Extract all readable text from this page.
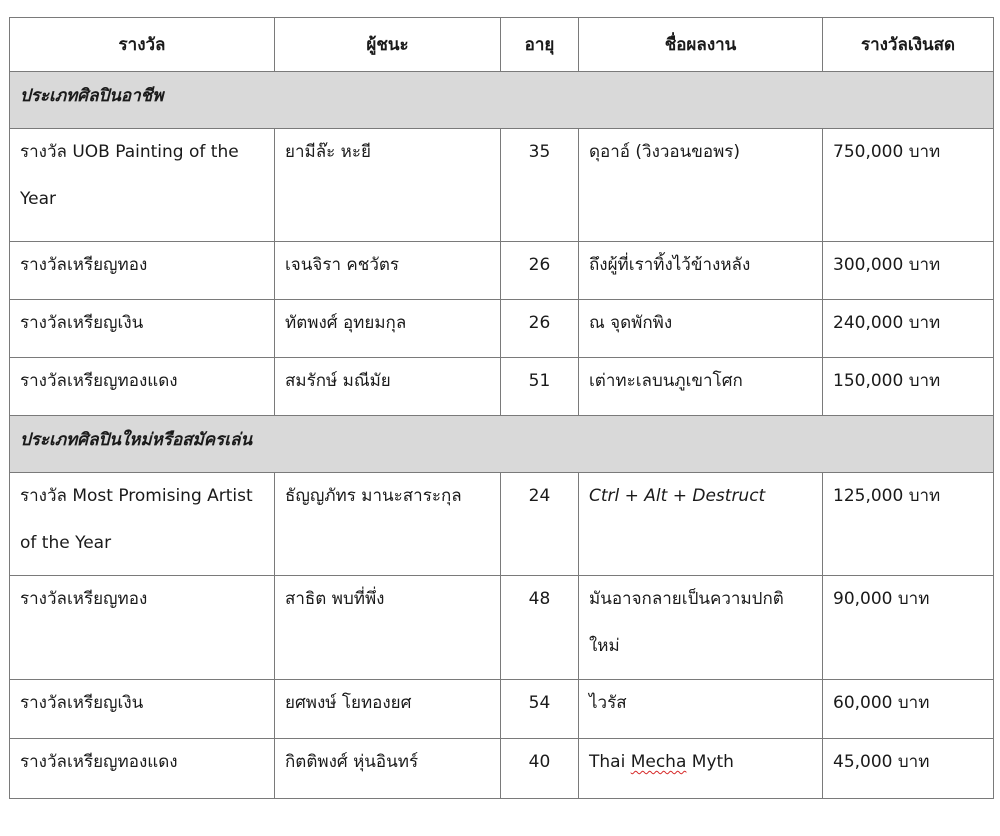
รางวัล	ผู้ชนะ	อายุ	ชื่อผลงาน	รางวัลเงินสด

ประเภทศิลปินอาชีพ				

รางวัล UOB Painting of the Year	ยามีล๊ะ หะยี	35	ดุอาอ์ (วิงวอนขอพร)	750,000 บาท
รางวัลเหรียญทอง	เจนจิรา คชวัตร	26	ถึงผู้ที่เราทิ้งไว้ข้างหลัง	300,000 บาท
รางวัลเหรียญเงิน	ทัตพงศ์ อุทยมกุล	26	ณ จุดพักพิง	240,000 บาท
รางวัลเหรียญทองแดง	สมรักษ์ มณีมัย	51	เต่าทะเลบนภูเขาโศก	150,000 บาท

ประเภทศิลปินใหม่หรือสมัครเล่น				

รางวัล Most Promising Artist of the Year	ธัญญภัทร มานะสาระกุล	24	Ctrl + Alt + Destruct	125,000 บาท
รางวัลเหรียญทอง	สาธิต พบที่พึ่ง	48	มันอาจกลายเป็นความปกติใหม่	90,000 บาท
รางวัลเหรียญเงิน	ยศพงษ์ โยทองยศ	54	ไวรัส	60,000 บาท
รางวัลเหรียญทองแดง	กิตติพงศ์ หุ่นอินทร์	40	Thai Mecha Myth	45,000 บาท
